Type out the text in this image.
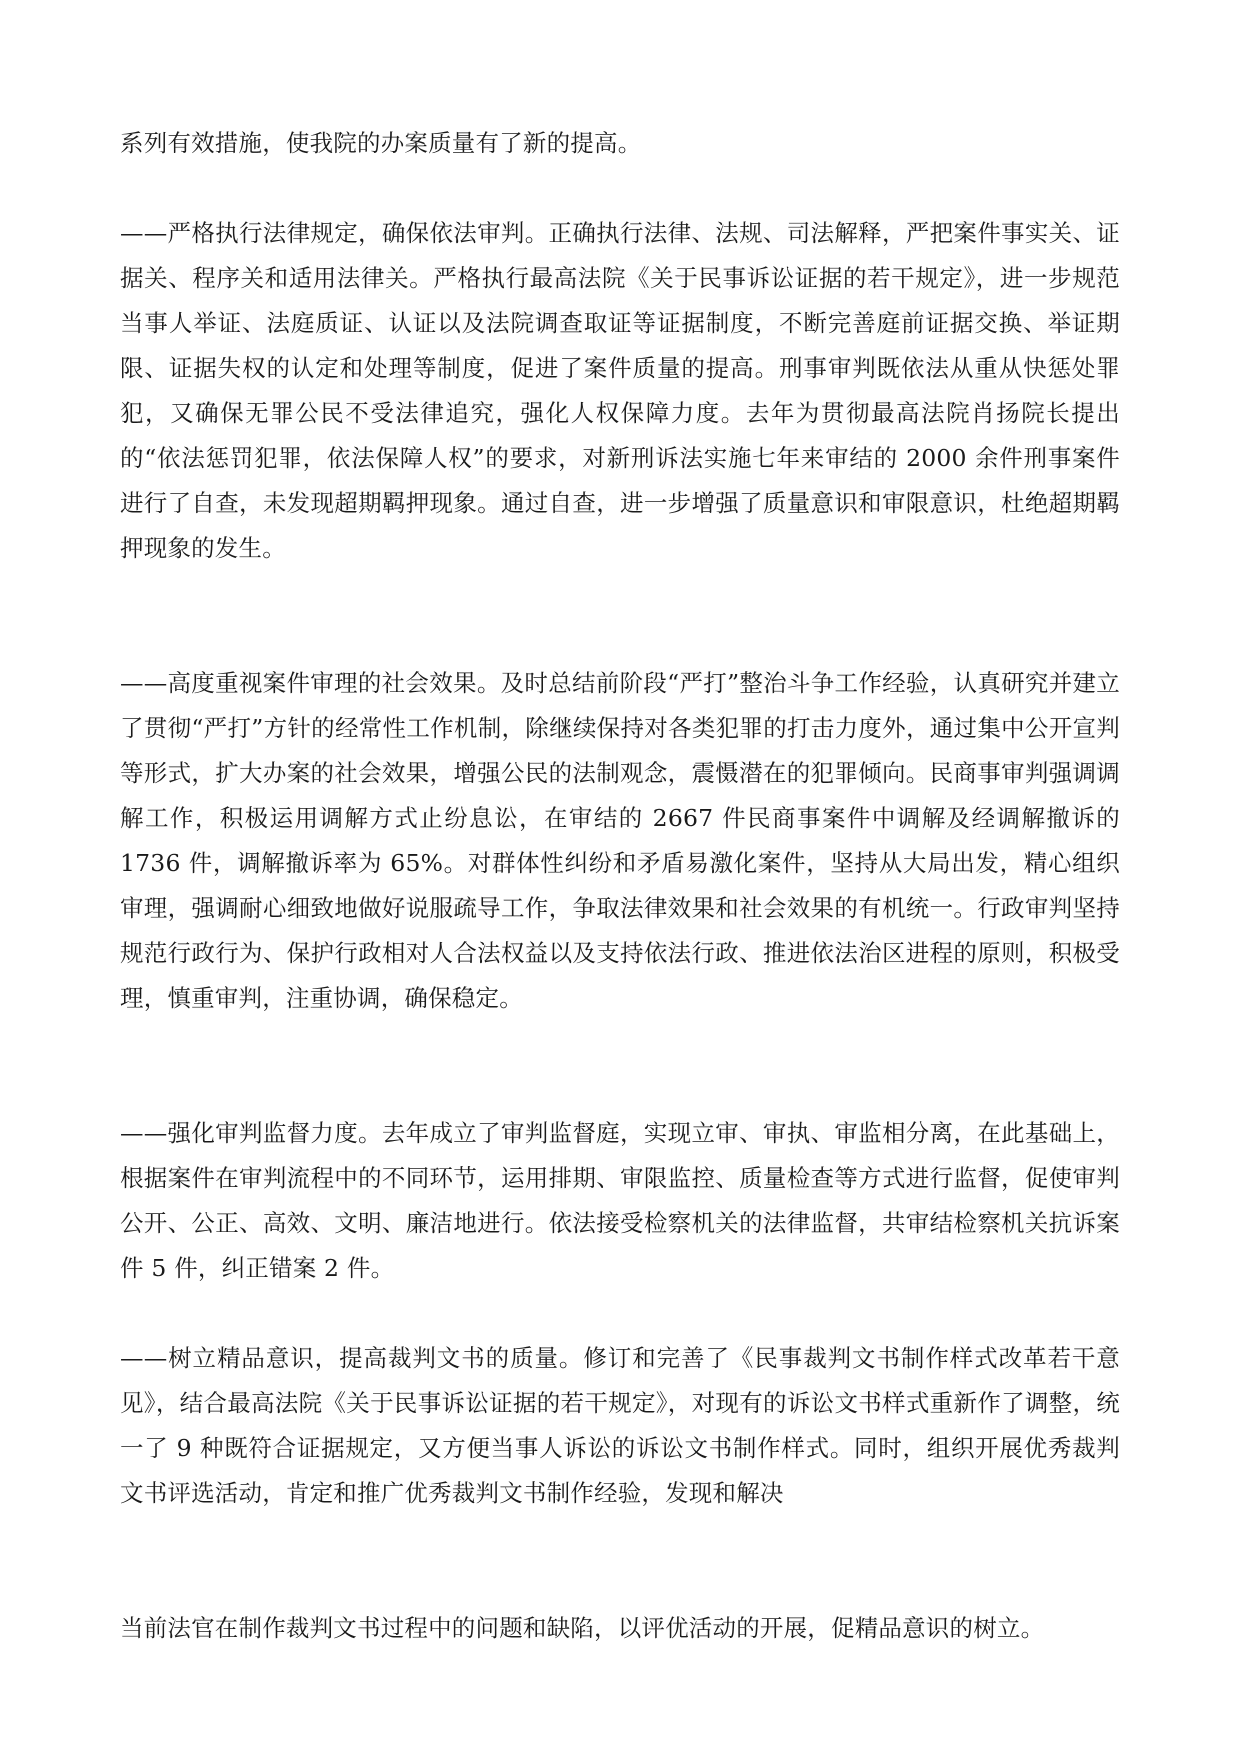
系列有效措施，使我院的办案质量有了新的提高。

——严格执行法律规定，确保依法审判。正确执行法律、法规、司法解释，严把案件事实关、证据关、程序关和适用法律关。严格执行最高法院《关于民事诉讼证据的若干规定》，进一步规范当事人举证、法庭质证、认证以及法院调查取证等证据制度，不断完善庭前证据交换、举证期限、证据失权的认定和处理等制度，促进了案件质量的提高。刑事审判既依法从重从快惩处罪犯，又确保无罪公民不受法律追究，强化人权保障力度。去年为贯彻最高法院肖扬院长提出的“依法惩罚犯罪，依法保障人权”的要求，对新刑诉法实施七年来审结的 2000 余件刑事案件进行了自查，未发现超期羁押现象。通过自查，进一步增强了质量意识和审限意识，杜绝超期羁押现象的发生。

——高度重视案件审理的社会效果。及时总结前阶段“严打”整治斗争工作经验，认真研究并建立了贯彻“严打”方针的经常性工作机制，除继续保持对各类犯罪的打击力度外，通过集中公开宣判等形式，扩大办案的社会效果，增强公民的法制观念，震慑潜在的犯罪倾向。民商事审判强调调解工作，积极运用调解方式止纷息讼，在审结的 2667 件民商事案件中调解及经调解撤诉的 1736 件，调解撤诉率为 65%。对群体性纠纷和矛盾易激化案件，坚持从大局出发，精心组织审理，强调耐心细致地做好说服疏导工作，争取法律效果和社会效果的有机统一。行政审判坚持规范行政行为、保护行政相对人合法权益以及支持依法行政、推进依法治区进程的原则，积极受理，慎重审判，注重协调，确保稳定。

——强化审判监督力度。去年成立了审判监督庭，实现立审、审执、审监相分离，在此基础上，根据案件在审判流程中的不同环节，运用排期、审限监控、质量检查等方式进行监督，促使审判公开、公正、高效、文明、廉洁地进行。依法接受检察机关的法律监督，共审结检察机关抗诉案件 5 件，纠正错案 2 件。

——树立精品意识，提高裁判文书的质量。修订和完善了《民事裁判文书制作样式改革若干意见》，结合最高法院《关于民事诉讼证据的若干规定》，对现有的诉讼文书样式重新作了调整，统一了 9 种既符合证据规定，又方便当事人诉讼的诉讼文书制作样式。同时，组织开展优秀裁判文书评选活动，肯定和推广优秀裁判文书制作经验，发现和解决

当前法官在制作裁判文书过程中的问题和缺陷，以评优活动的开展，促精品意识的树立。
